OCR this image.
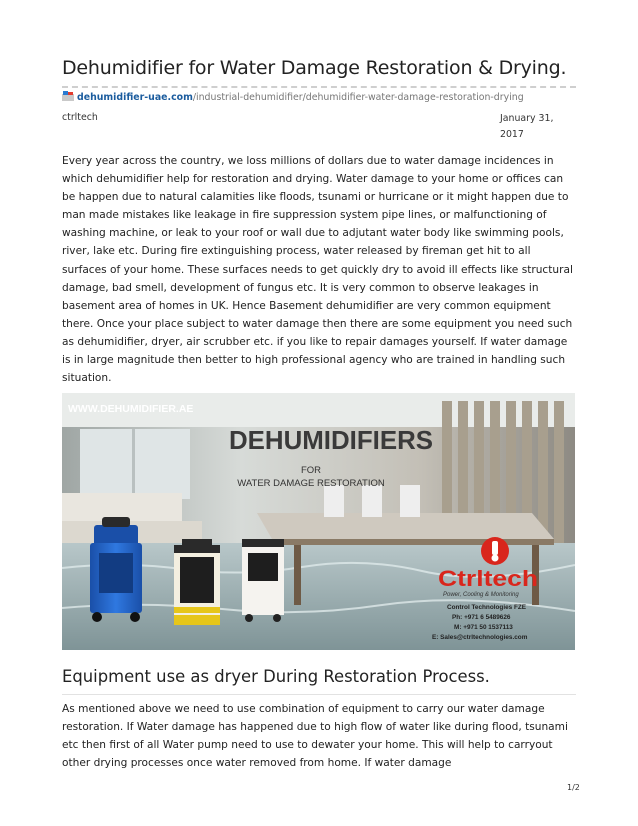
Dehumidifier for Water Damage Restoration & Drying.
dehumidifier-uae.com/industrial-dehumidifier/dehumidifier-water-damage-restoration-drying
ctrltech	January 31, 2017

Every year across the country, we loss millions of dollars due to water damage incidences in which dehumidifier help for restoration and drying. Water damage to your home or offices can be happen due to natural calamities like floods, tsunami or hurricane or it might happen due to man made mistakes like leakage in fire suppression system pipe lines, or malfunctioning of washing machine, or leak to your roof or wall due to adjutant water body like swimming pools, river, lake etc. During fire extinguishing process, water released by fireman get hit to all surfaces of your home. These surfaces needs to get quickly dry to avoid ill effects like structural damage, bad smell, development of fungus etc. It is very common to observe leakages in basement area of homes in UK. Hence Basement dehumidifier are very common equipment there. Once your place subject to water damage then there are some equipment you need such as dehumidifier, dryer, air scrubber etc. if you like to repair damages yourself. If water damage is in large magnitude then better to high professional agency who are trained in handling such situation.

WWW.DEHUMIDIFIER.AE
DEHUMIDIFIERS
FOR
WATER DAMAGE RESTORATION
Ctrltech
Power, Cooling & Monitoring
Control Technologies FZE
Ph: +971 6 5489626
M: +971 50 1537113
E: Sales@ctrltechnologies.com
Equipment use as dryer During Restoration Process.

As mentioned above we need to use combination of equipment to carry our water damage restoration. If Water damage has happened due to high flow of water like during flood, tsunami etc then first of all Water pump need to use to dewater your home. This will help to carryout other drying processes once water removed from home. If water damage

1/2
